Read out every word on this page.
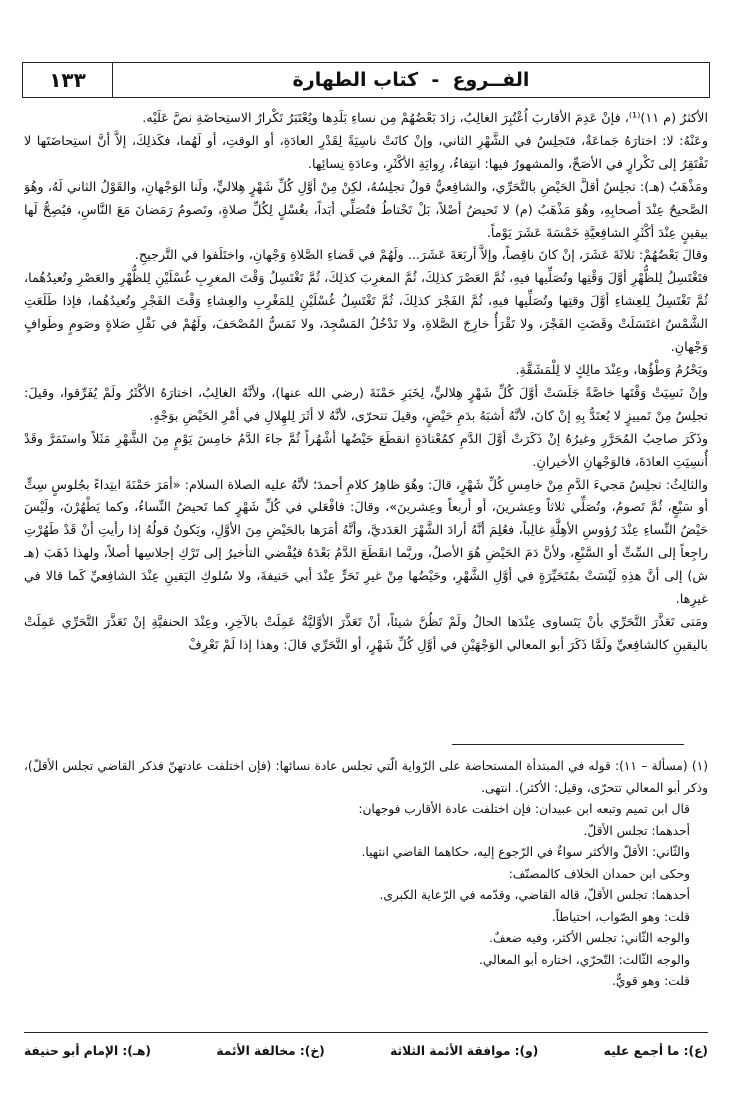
الفــروع  -  كتاب الطهارة
١٣٣

الأكثرُ (م ١١)⁽¹⁾، فإنْ عَدِمَ الأقاربَ اُعْتُبِرَ الغالِبُ، زادَ بَعْضُهُمْ مِن نساءِ بَلَدِها ويُعْتَبَرُ تَكْرارُ الاستِحاضَةِ نصَّ عَلَيْه.

وعَنْهُ: لا: اختارَهُ جَماعَةٌ، فتَجلِسُ في الشَّهْرِ الثاني، وإنْ كانَتْ ناسِيَةً لِقَدْرِ العادَةِ، أو الوقتِ، أو لَهُما، فكَذلِكَ، إلاَّ أنَّ استِحاضَتَها لا تَفْتَقِرُ إلى تَكْرارٍ في الأصَحِّ، والمشهورُ فيها: انتِفاءُ، رِوايَةِ الأكْثَرِ، وعادَةِ نِسائِها.

ومَذْهَبُ (هـ): تجلِسُ أقلَّ الحَيْضِ بالتَّحَرِّي، والشافِعيُّ قولُ تجلِسُهُ، لكِنْ مِنْ أوَّلِ كُلِّ شَهْرٍ هِلاليٍّ، ولَنا الوَجْهانِ، والقَوْلُ الثاني لَهُ، وهُوَ الصَّحيحُ عِنْدَ أصحابِهِ، وهُوَ مَذْهَبُ (م) لا تَحيضُ أصْلاً، بَلْ تَحْتاطُ فتُصَلِّي أبَداً، بغُسْلٍ لِكُلِّ صلاةٍ، وتَصومُ رَمَضانَ مَعَ النَّاسِ، فيُصِحُّ لَها بيقينٍ عِنْدَ أكْثَرِ الشافِعيَّةِ خَمْسَةَ عَشَرَ يَوْماً.

وقالَ بَعْضُهُمْ: ثلاثَةَ عَشَرَ، إنْ كانَ ناقِصاً، وإلاَّ أربَعَةَ عَشَرَ... ولَهُمْ في قَضاءِ الصَّلاةِ وَجْهانِ، واختَلَفوا في التَّرجيحِ.

فتَغْتَسِلُ لِلظُّهْرِ أوَّلَ وَقْتِها وتُصَلِّيها فيهِ، ثُمَّ العَصْرَ كذلِكَ، ثُمَّ المغرِبَ كذلِكَ، ثُمَّ تَغْتَسِلُ وَقْتَ المغرِبِ غُسْلَيْنِ لِلظُّهْرِ والعَصْرِ وتُعيدُهُما، ثُمَّ تَغْتَسِلُ لِلعِشاءِ أوَّلَ وقتِها وتُصَلِّيها فيهِ، ثُمَّ الفَجْرَ كذلِكَ، ثُمَّ تَغْتَسِلُ غُسْلَيْنِ لِلمَغْرِبِ والعِشاءِ وَقْتَ الفَجْرِ وتُعيدُهُما، فإذا طَلَعَتِ الشَّمْسُ اغتَسَلَتْ وقَضَتِ الفَجْرَ، ولا تَقْرَأُ خارِجَ الصَّلاةِ، ولا تَدْخُلُ المَسْجِدَ، ولا تَمَسُّ المُصْحَفَ، ولَهُمْ في نَفْلِ صَلاةٍ وصَومٍ وطَوافٍ وَجْهانِ.

ويَحْرُمُ وَطْؤُها، وعِنْدَ مالِكٍ لا لِلْمَشَقَّةِ.

وإنْ نَسِيَتْ وَقْتَها خاصَّةً جَلَسَتْ أوَّلَ كُلِّ شَهْرٍ هِلاليٍّ، لِخَبَرِ حَمْنَةَ (رضي الله عنها)، ولأنَّهُ الغالِبُ، اختارَهُ الأكْثَرُ ولَمْ يُفَرِّقوا، وقيلَ: تجلِسُ مِنْ تَمييزٍ لا يُعتَدُّ بِهِ إنْ كانَ، لأنَّهُ أشبَهُ بدَمِ حَيْضٍ، وقيلَ تتحرّى، لأنَّهُ لا أثَرَ لِلهِلالِ في أمْرِ الحَيْضِ بوَجْهٍ.

وذَكَرَ صاحِبُ المُحَرَّرِ وغيرُهُ إنْ ذَكَرَتْ أوَّلَ الدَّمِ كمُعْتادَةٍ انقطَعَ حَيْضُها أشْهُراً ثُمَّ جاءَ الدَّمُ خامِسَ يَوْمٍ مِنَ الشَّهْرِ مَثَلاً واستَمَرَّ وقَدْ أُنسِيَتِ العادَةَ، فالوَجْهانِ الأخيرانِ.

والثالِثُ: تجلِسُ مَجيءَ الدَّمِ مِنْ خامِسِ كُلِّ شَهْرٍ، قالَ: وهُوَ ظاهِرُ كلامِ أحمدَ؛ لأنَّهُ عليه الصلاة السلام: «أمَرَ حَمْنَةَ ابتِداءً بجُلوسٍ سِتٍّ أو سَبْعٍ، ثُمَّ تَصومُ، وتُصَلِّي ثلاثاً وعِشرينَ، أو أربعاً وعِشرينَ»، وقالَ: فافْعَلي في كُلِّ شَهْرٍ كما تَحيضُ النِّساءُ، وكما يَطْهُرْنَ، ولَيْسَ حَيْضُ النِّساءِ عِنْدَ رُؤوسِ الأهِلَّةِ غالِباً، فعُلِمَ أنَّهُ أرادَ الشَّهْرَ العَدَديَّ، وأنَّهُ أمَرَها بالحَيْضِ مِنَ الأوَّلِ، ويَكونُ قولُهُ إذا رأيتِ أنْ قَدْ طَهُرْتِ راجِعاً إلى السِّتِّ أو السَّبْعِ، ولأنَّ دَمَ الحَيْضِ هُوَ الأصلُ، وربَّما انقَطَعَ الدَّمُ بَعْدَهُ فيُفْضي التأخيرُ إلى تَرْكِ إجلاسِها أصلاً، ولهذا ذَهَبَ (هـ ش) إلى أنَّ هذِهِ لَيْسَتْ بمُتَحَيِّرَةٍ في أوَّلِ الشَّهْرِ، وحَيْضُها مِنْ غيرِ تَحَرٍّ عِنْدَ أبي حَنيفةَ، ولا سُلوكِ اليَقينِ عِنْدَ الشافِعيِّ كَما قالا في غيرِها.

ومَتى تَعَذَّرَ التَّحَرِّي بأنْ يَتَساوى عِنْدَها الحالُ ولَمْ تَظُنَّ شيئاً، أنْ تَعَذَّرَ الأوَّليَّةُ عَمِلَتْ بالآخِرِ، وعِنْدَ الحنفيَّةِ إنْ تَعَذَّرَ التَّحَرِّي عَمِلَتْ باليقينِ كالشافِعيِّ ولَمَّا ذَكَرَ أبو المعالي الوَجْهَيْنِ في أوَّلِ كُلِّ شَهْرٍ، أو التَّحَرِّي قالَ: وهذا إذا لَمْ تَعْرِفْ

(١) (مسألة – ١١): قوله في المبتدأة المستحاضة على الرّواية الّتي تجلس عادة نسائها: (فإن اختلفت عادتهنّ فذكر القاضي تجلس الأقلّ)، وذكر أبو المعالي تتحرّى، وقيل: الأكثر). انتهى.

قال ابن تميم وتبعه ابن عبيدان: فإن اختلفت عادة الأقارب فوجهان:

أحدهما: تجلس الأقلّ.

والثّاني: الأقلّ والأكثر سواءٌ في الرّجوع إليه، حكاهما القاضي انتهيا.

وحكى ابن حمدان الخلاف كالمصنّف:

أحدهما: تجلس الأقلّ، قاله القاضي، وقدّمه في الرّعاية الكبرى.

قلت: وهو الصّواب، احتياطاً.

والوجه الثّاني: تجلس الأكثر، وفيه ضعفٌ.

والوجه الثّالث: التّحرّي، اختاره أبو المعالي.

قلت: وهو قويٌّ.

(ع): ما أجمع عليه
(و): موافقة الأئمة الثلاثة
(خ): مخالفة الأئمة
(هـ): الإمام أبو حنيفة
